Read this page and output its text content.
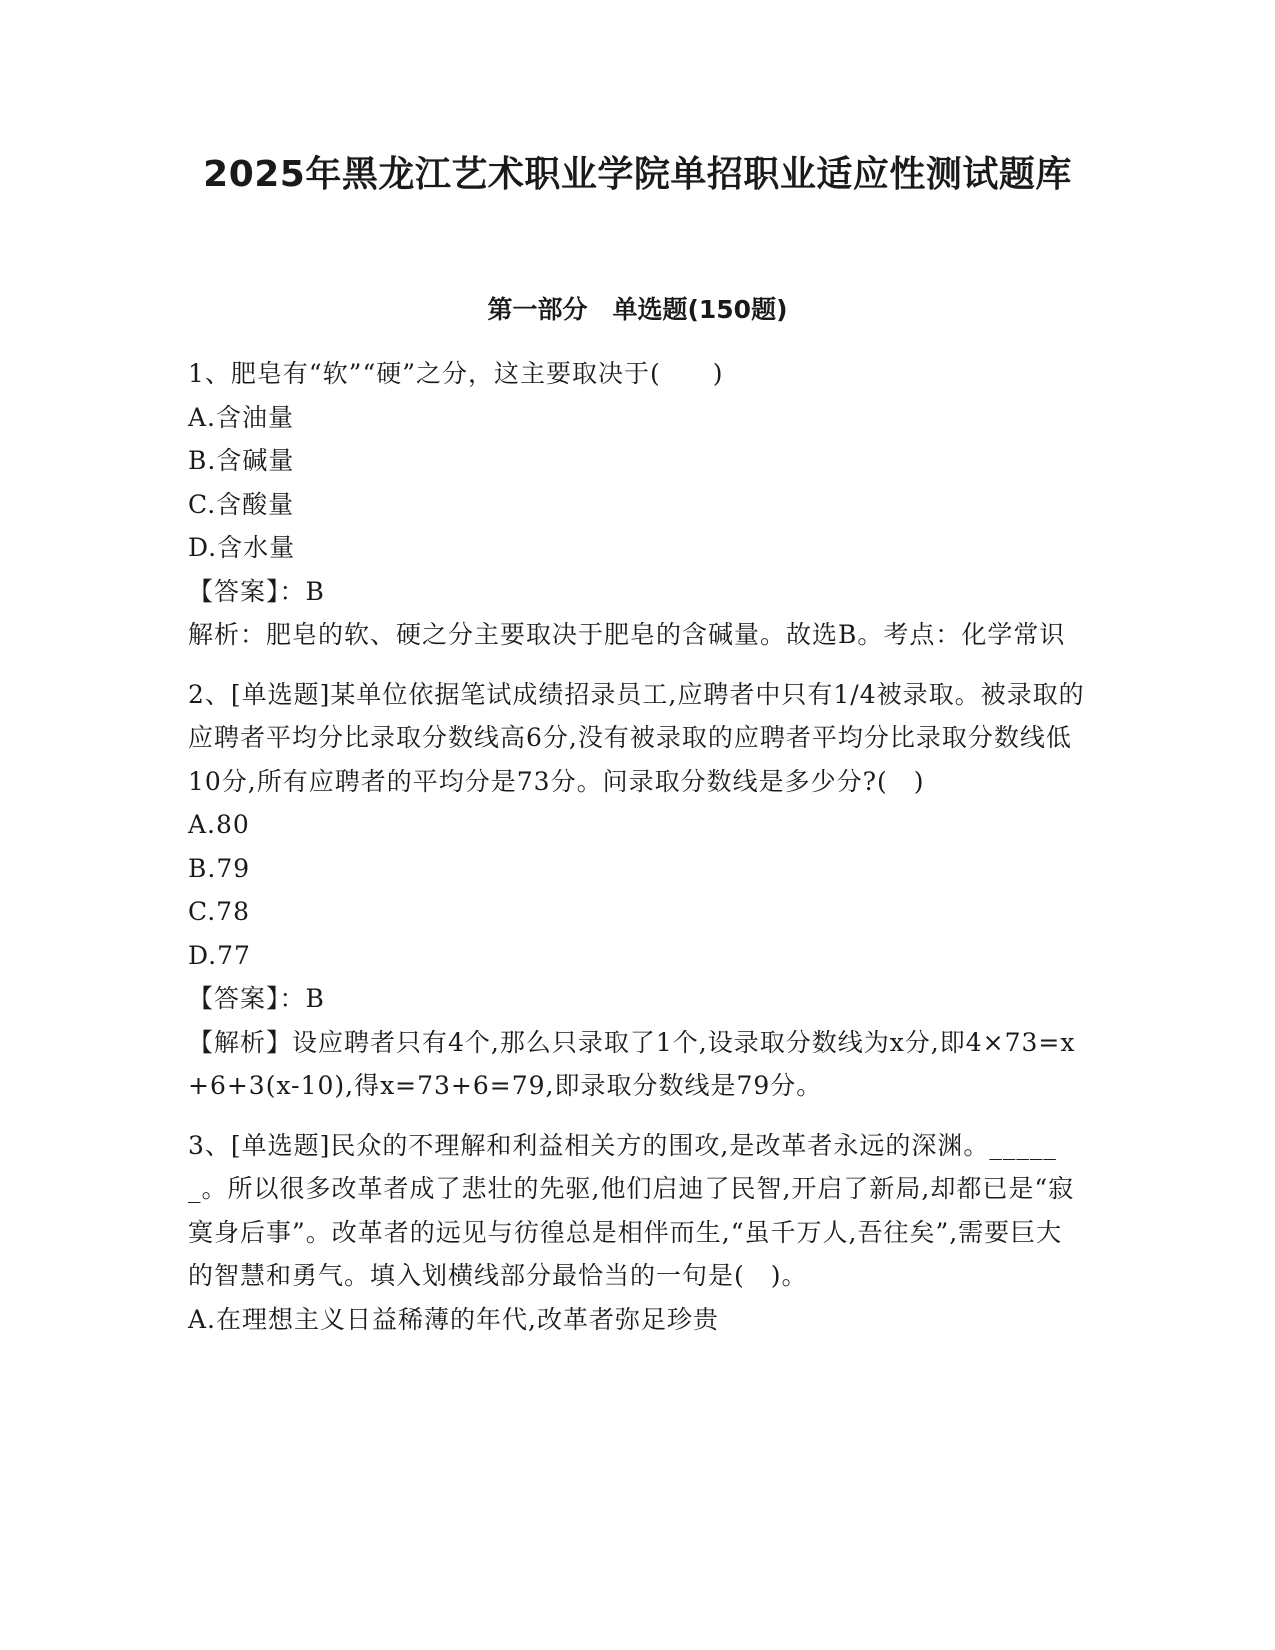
2025年黑龙江艺术职业学院单招职业适应性测试题库
第一部分　单选题(150题)

1、肥皂有“软”“硬”之分，这主要取决于(　　)

A.含油量

B.含碱量

C.含酸量

D.含水量

【答案】：B

解析：肥皂的软、硬之分主要取决于肥皂的含碱量。故选B。考点：化学常识

2、[单选题]某单位依据笔试成绩招录员工,应聘者中只有1/4被录取。被录取的应聘者平均分比录取分数线高6分,没有被录取的应聘者平均分比录取分数线低10分,所有应聘者的平均分是73分。问录取分数线是多少分?(　)

A.80

B.79

C.78

D.77

【答案】：B

【解析】设应聘者只有4个,那么只录取了1个,设录取分数线为x分,即4×73=x+6+3(x-10),得x=73+6=79,即录取分数线是79分。

3、[单选题]民众的不理解和利益相关方的围攻,是改革者永远的深渊。______。所以很多改革者成了悲壮的先驱,他们启迪了民智,开启了新局,却都已是“寂寞身后事”。改革者的远见与彷徨总是相伴而生,“虽千万人,吾往矣”,需要巨大的智慧和勇气。填入划横线部分最恰当的一句是(　)。

A.在理想主义日益稀薄的年代,改革者弥足珍贵
